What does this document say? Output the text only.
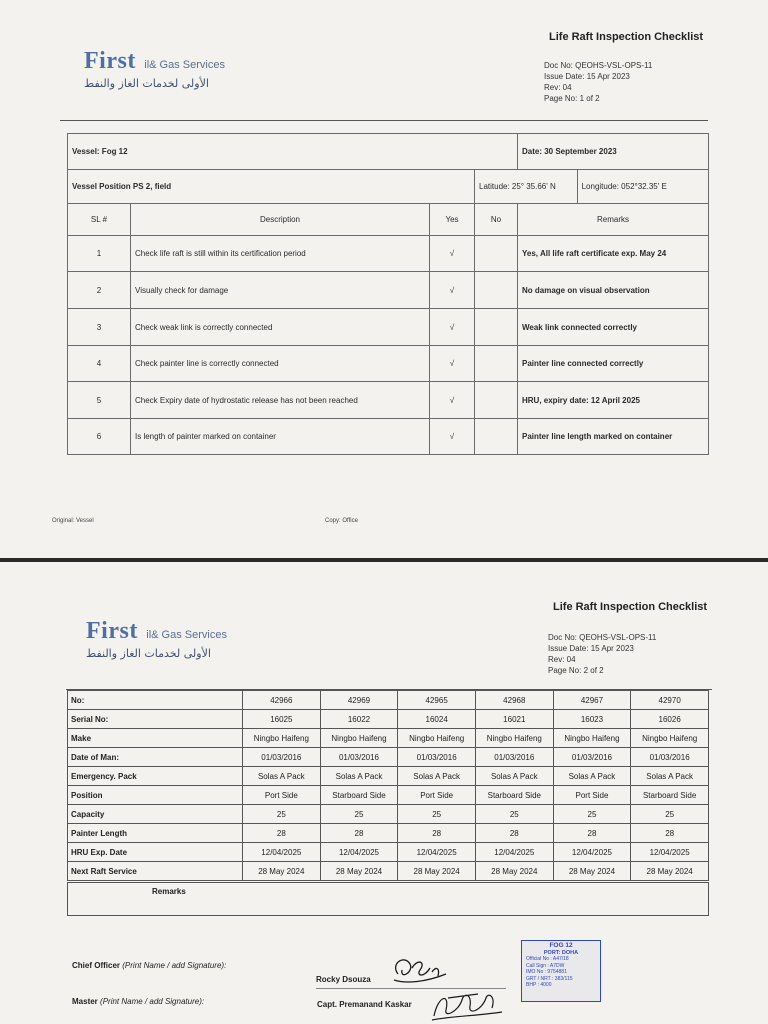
First il& Gas Services
الأولى لخدمات الغاز والنفط
Life Raft Inspection Checklist
Doc No: QEOHS-VSL-OPS-11
Issue Date: 15 Apr 2023
Rev: 04
Page No: 1 of 2
Vessel: Fog 12				Date: 30 September 2023	
Vessel Position PS 2, field			Latitude: 25° 35.66' N		Longitude: 052°32.35' E
SL #	Description	Yes	No	Remarks	
1	Check life raft is still within its certification period	√		Yes, All life raft certificate exp. May 24	
2	Visually check for damage	√		No damage on visual observation	
3	Check weak link is correctly connected	√		Weak link connected correctly	
4	Check painter line is correctly connected	√		Painter line connected correctly	
5	Check Expiry date of hydrostatic release has not been reached	√		HRU, expiry date: 12 April 2025	
6	Is length of painter marked on container	√		Painter line length marked on container	
Original: Vessel	Copy: Office
First il& Gas Services
الأولى لخدمات الغاز والنفط
Life Raft Inspection Checklist
Doc No: QEOHS-VSL-OPS-11
Issue Date: 15 Apr 2023
Rev: 04
Page No: 2 of 2
No:	42966	42969	42965	42968	42967	42970
Serial No:	16025	16022	16024	16021	16023	16026
Make	Ningbo Haifeng	Ningbo Haifeng	Ningbo Haifeng	Ningbo Haifeng	Ningbo Haifeng	Ningbo Haifeng
Date of Man:	01/03/2016	01/03/2016	01/03/2016	01/03/2016	01/03/2016	01/03/2016
Emergency. Pack	Solas A Pack	Solas A Pack	Solas A Pack	Solas A Pack	Solas A Pack	Solas A Pack
Position	Port Side	Starboard Side	Port Side	Starboard Side	Port Side	Starboard Side
Capacity	25	25	25	25	25	25
Painter Length	28	28	28	28	28	28
HRU Exp. Date	12/04/2025	12/04/2025	12/04/2025	12/04/2025	12/04/2025	12/04/2025
Next Raft Service	28 May 2024	28 May 2024	28 May 2024	28 May 2024	28 May 2024	28 May 2024
Remarks
Chief Officer (Print Name / add Signature):
Rocky Dsouza
Master (Print Name / add Signature):	Capt. Premanand Kaskar
FOG 12
PORT: DOHA
Official No : A47/18
Call Sign : A7DW
IMO No : 9754881
GRT / NRT : 383/115
BHP : 4000
